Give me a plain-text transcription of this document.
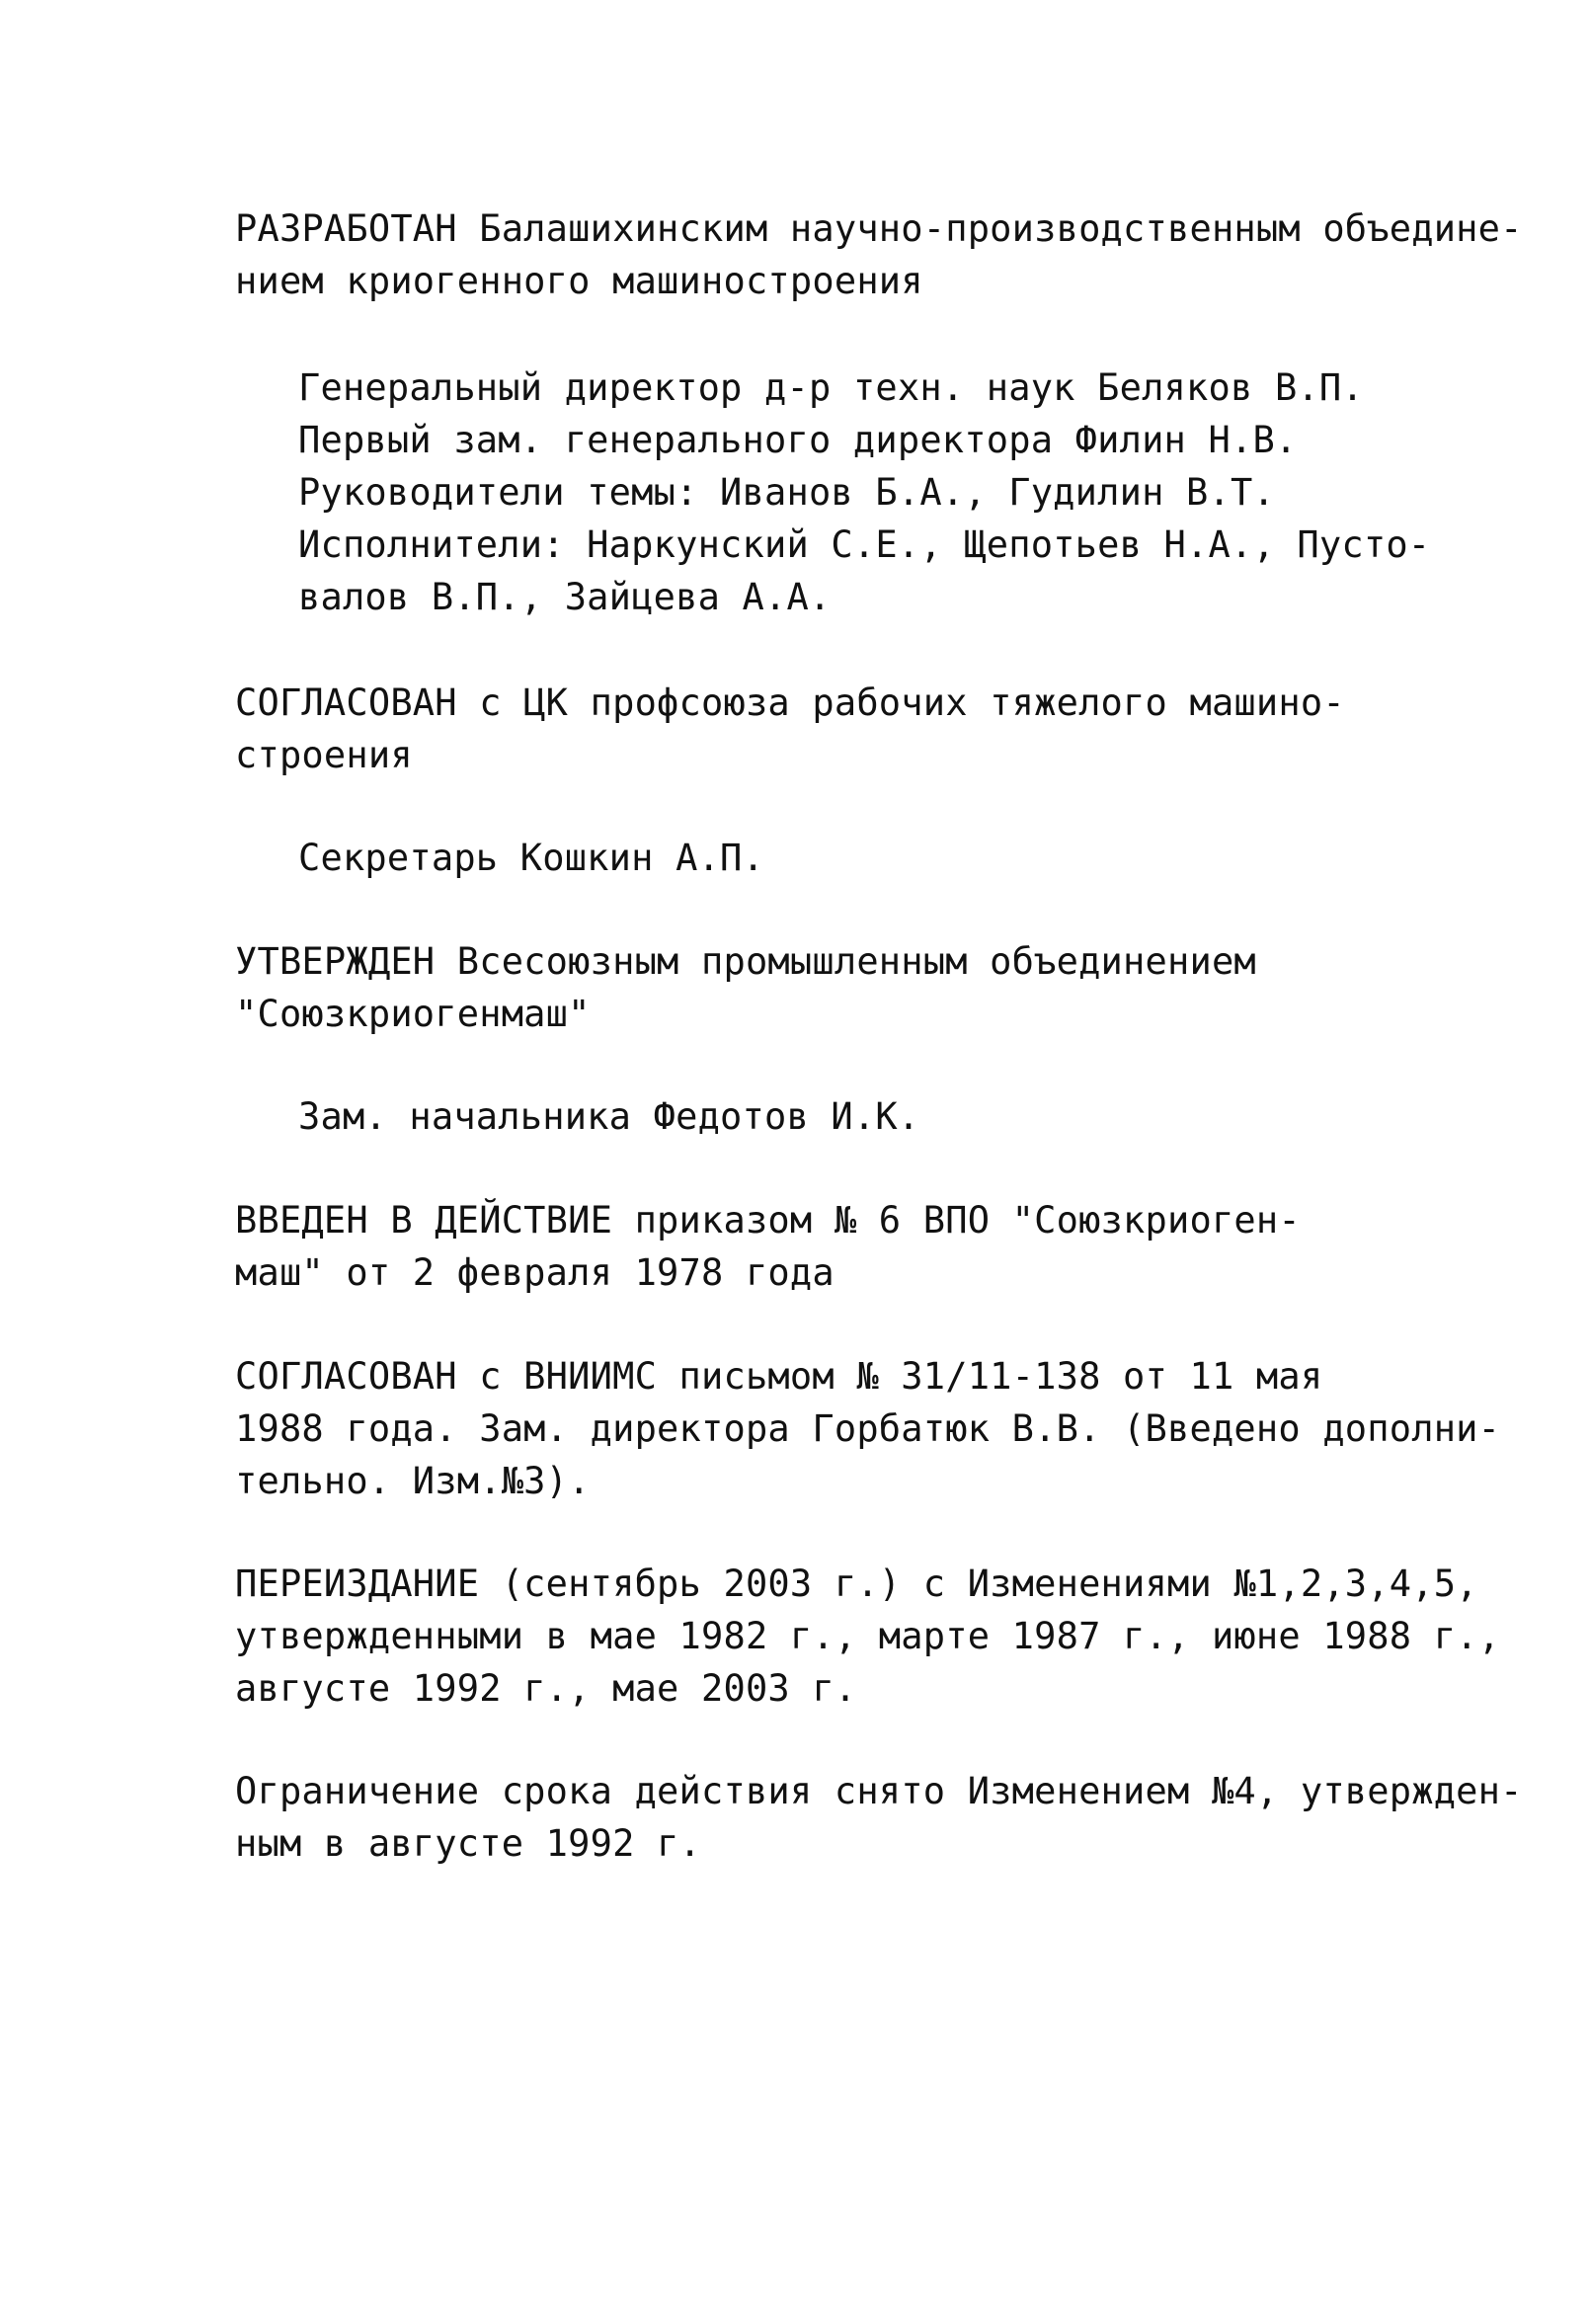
РАЗРАБОТАН Балашихинским научно-производственным объедине-
нием криогенного машиностроения
Генеральный директор д-р техн. наук Беляков В.П.
Первый зам. генерального директора Филин Н.В.
Руководители темы: Иванов Б.А., Гудилин В.Т.
Исполнители: Наркунский С.Е., Щепотьев Н.А., Пусто-
валов В.П., Зайцева А.А.
СОГЛАСОВАН с ЦК профсоюза рабочих тяжелого машино-
строения
Секретарь Кошкин А.П.
УТВЕРЖДЕН Всесоюзным промышленным объединением
"Союзкриогенмаш"
Зам. начальника Федотов И.К.
ВВЕДЕН В ДЕЙСТВИЕ приказом № 6 ВПО "Союзкриоген-
маш" от 2 февраля 1978 года
СОГЛАСОВАН с ВНИИМС письмом № 31/11-138 от 11 мая
1988 года. Зам. директора Горбатюк В.В. (Введено дополни-
тельно. Изм.№3).
ПЕРЕИЗДАНИЕ (сентябрь 2003 г.) с Изменениями №1,2,3,4,5,
утвержденными в мае 1982 г., марте 1987 г., июне 1988 г.,
августе 1992 г., мае 2003 г.
Ограничение срока действия снято Изменением №4, утвержден-
ным в августе 1992 г.
